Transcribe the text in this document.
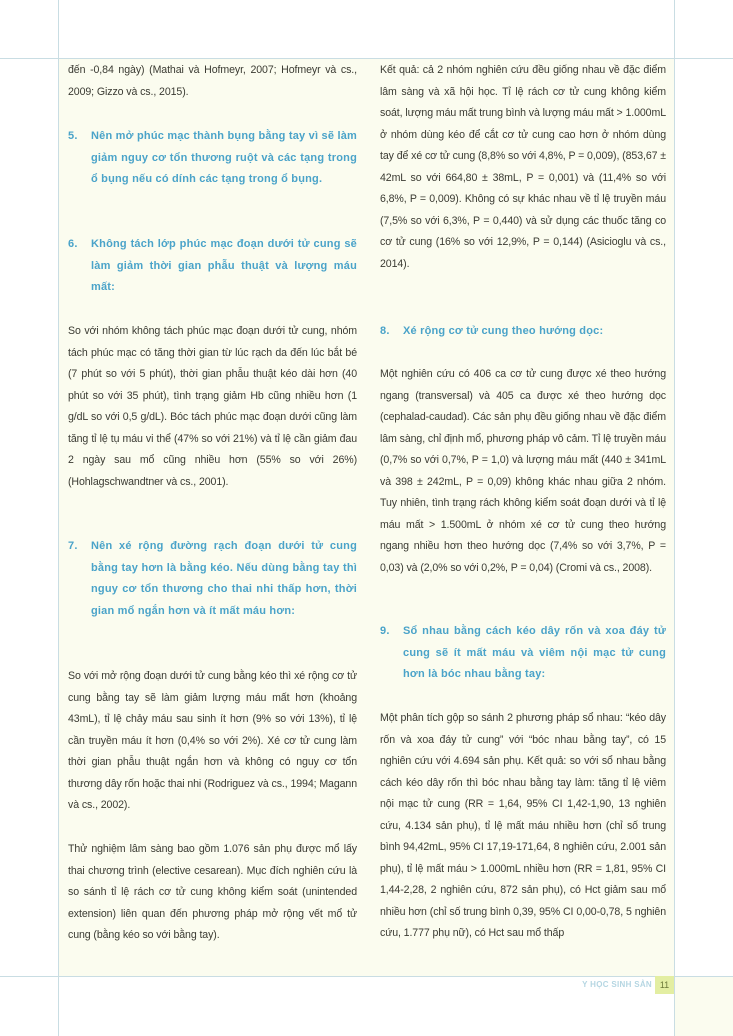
đến -0,84 ngày) (Mathai và Hofmeyr, 2007; Hofmeyr và cs., 2009; Gizzo và cs., 2015).

5. Nên mở phúc mạc thành bụng bằng tay vì sẽ làm giảm nguy cơ tổn thương ruột và các tạng trong ổ bụng nếu có dính các tạng trong ổ bụng.
6. Không tách lớp phúc mạc đoạn dưới tử cung sẽ làm giảm thời gian phẫu thuật và lượng máu mất:

So với nhóm không tách phúc mạc đoạn dưới tử cung, nhóm tách phúc mạc có tăng thời gian từ lúc rạch da đến lúc bắt bé (7 phút so với 5 phút), thời gian phẫu thuật kéo dài hơn (40 phút so với 35 phút), tình trạng giảm Hb cũng nhiều hơn (1 g/dL so với 0,5 g/dL). Bóc tách phúc mạc đoạn dưới cũng làm tăng tỉ lệ tụ máu vi thể (47% so với 21%) và tỉ lệ cần giảm đau 2 ngày sau mổ cũng nhiều hơn (55% so với 26%) (Hohlagschwandtner và cs., 2001).

7. Nên xé rộng đường rạch đoạn dưới tử cung bằng tay hơn là bằng kéo. Nếu dùng bằng tay thì nguy cơ tổn thương cho thai nhi thấp hơn, thời gian mổ ngắn hơn và ít mất máu hơn:

So với mở rộng đoạn dưới tử cung bằng kéo thì xé rộng cơ tử cung bằng tay sẽ làm giảm lượng máu mất hơn (khoảng 43mL), tỉ lệ chảy máu sau sinh ít hơn (9% so với 13%), tỉ lệ cần truyền máu ít hơn (0,4% so với 2%). Xé cơ tử cung làm thời gian phẫu thuật ngắn hơn và không có nguy cơ tổn thương dây rốn hoặc thai nhi (Rodriguez và cs., 1994; Magann và cs., 2002).

Thử nghiệm lâm sàng bao gồm 1.076 sản phụ được mổ lấy thai chương trình (elective cesarean). Mục đích nghiên cứu là so sánh tỉ lệ rách cơ tử cung không kiểm soát (unintended extension) liên quan đến phương pháp mở rộng vết mổ tử cung (bằng kéo so với bằng tay).

Kết quả: cả 2 nhóm nghiên cứu đều giống nhau về đặc điểm lâm sàng và xã hội học. Tỉ lệ rách cơ tử cung không kiểm soát, lượng máu mất trung bình và lượng máu mất > 1.000mL ở nhóm dùng kéo để cắt cơ tử cung cao hơn ở nhóm dùng tay để xé cơ tử cung (8,8% so với 4,8%, P = 0,009), (853,67 ± 42mL so với 664,80 ± 38mL, P = 0,001) và (11,4% so với 6,8%, P = 0,009). Không có sự khác nhau về tỉ lệ truyền máu (7,5% so với 6,3%, P = 0,440) và sử dụng các thuốc tăng co cơ tử cung (16% so với 12,9%, P = 0,144) (Asicioglu và cs., 2014).

8. Xé rộng cơ tử cung theo hướng dọc:

Một nghiên cứu có 406 ca cơ tử cung được xé theo hướng ngang (transversal) và 405 ca được xé theo hướng dọc (cephalad-caudad). Các sản phụ đều giống nhau về đặc điểm lâm sàng, chỉ định mổ, phương pháp vô cảm. Tỉ lệ truyền máu (0,7% so với 0,7%, P = 1,0) và lượng máu mất (440 ± 341mL và 398 ± 242mL, P = 0,09) không khác nhau giữa 2 nhóm. Tuy nhiên, tình trạng rách không kiểm soát đoạn dưới và tỉ lệ máu mất > 1.500mL ở nhóm xé cơ tử cung theo hướng ngang nhiều hơn theo hướng dọc (7,4% so với 3,7%, P = 0,03) và (2,0% so với 0,2%, P = 0,04) (Cromi và cs., 2008).

9. Sổ nhau bằng cách kéo dây rốn và xoa đáy tử cung sẽ ít mất máu và viêm nội mạc tử cung hơn là bóc nhau bằng tay:

Một phân tích gộp so sánh 2 phương pháp sổ nhau: “kéo dây rốn và xoa đáy tử cung” với “bóc nhau bằng tay”, có 15 nghiên cứu với 4.694 sản phụ. Kết quả: so với sổ nhau bằng cách kéo dây rốn thì bóc nhau bằng tay làm: tăng tỉ lệ viêm nội mạc tử cung (RR = 1,64, 95% CI 1,42-1,90, 13 nghiên cứu, 4.134 sản phụ), tỉ lệ mất máu nhiều hơn (chỉ số trung bình 94,42mL, 95% CI 17,19-171,64, 8 nghiên cứu, 2.001 sản phụ), tỉ lệ mất máu > 1.000mL nhiều hơn (RR = 1,81, 95% CI 1,44-2,28, 2 nghiên cứu, 872 sản phụ), có Hct giảm sau mổ nhiều hơn (chỉ số trung bình 0,39, 95% CI 0,00-0,78, 5 nghiên cứu, 1.777 phụ nữ), có Hct sau mổ thấp

Y HỌC SINH SẢN 11
